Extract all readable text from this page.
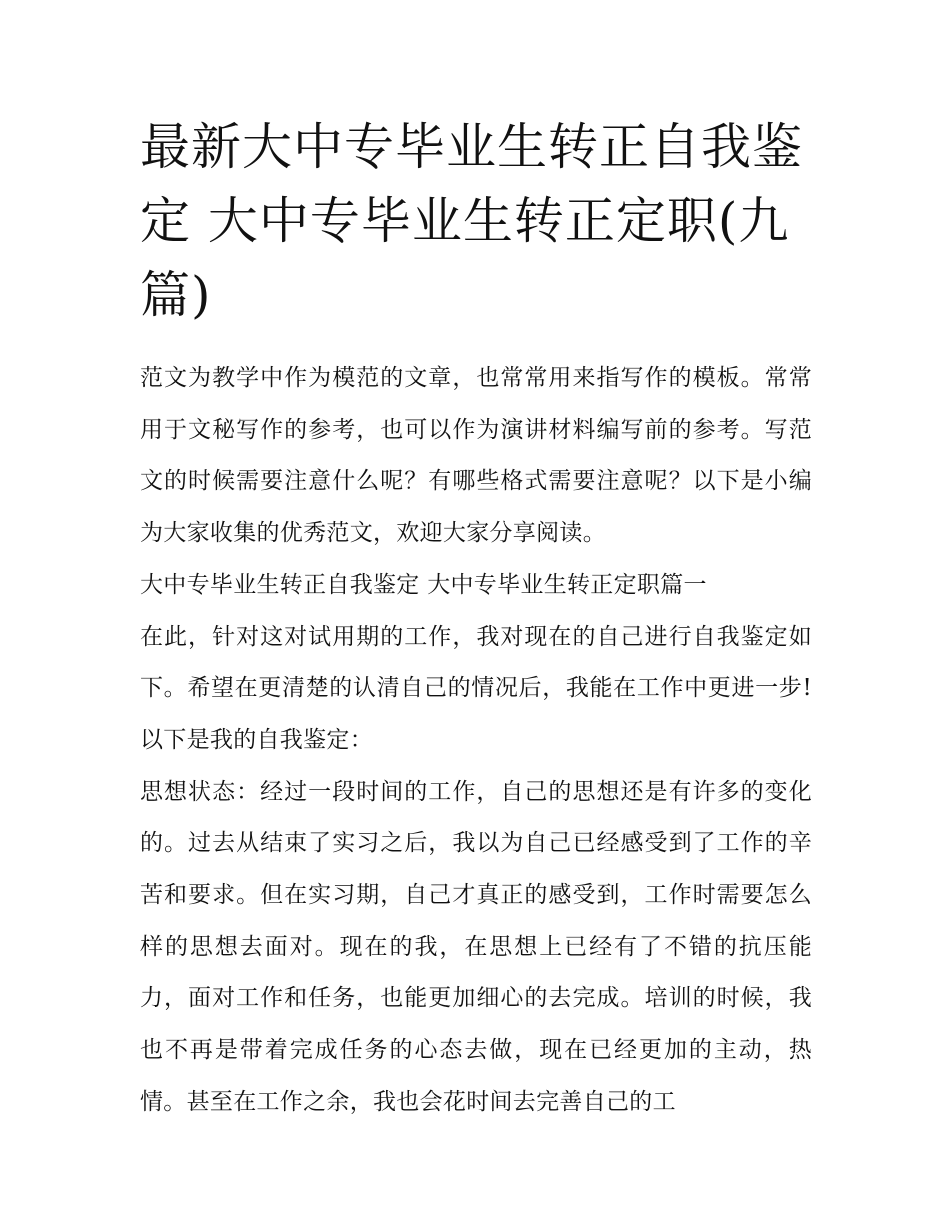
最新大中专毕业生转正自我鉴定 大中专毕业生转正定职(九篇)

范文为教学中作为模范的文章，也常常用来指写作的模板。常常用于文秘写作的参考，也可以作为演讲材料编写前的参考。写范文的时候需要注意什么呢？有哪些格式需要注意呢？以下是小编为大家收集的优秀范文，欢迎大家分享阅读。

大中专毕业生转正自我鉴定 大中专毕业生转正定职篇一

在此，针对这对试用期的工作，我对现在的自己进行自我鉴定如下。希望在更清楚的认清自己的情况后，我能在工作中更进一步!以下是我的自我鉴定：

思想状态：经过一段时间的工作，自己的思想还是有许多的变化的。过去从结束了实习之后，我以为自己已经感受到了工作的辛苦和要求。但在实习期，自己才真正的感受到，工作时需要怎么样的思想去面对。现在的我，在思想上已经有了不错的抗压能力，面对工作和任务，也能更加细心的去完成。培训的时候，我也不再是带着完成任务的心态去做，现在已经更加的主动，热情。甚至在工作之余，我也会花时间去完善自己的工
